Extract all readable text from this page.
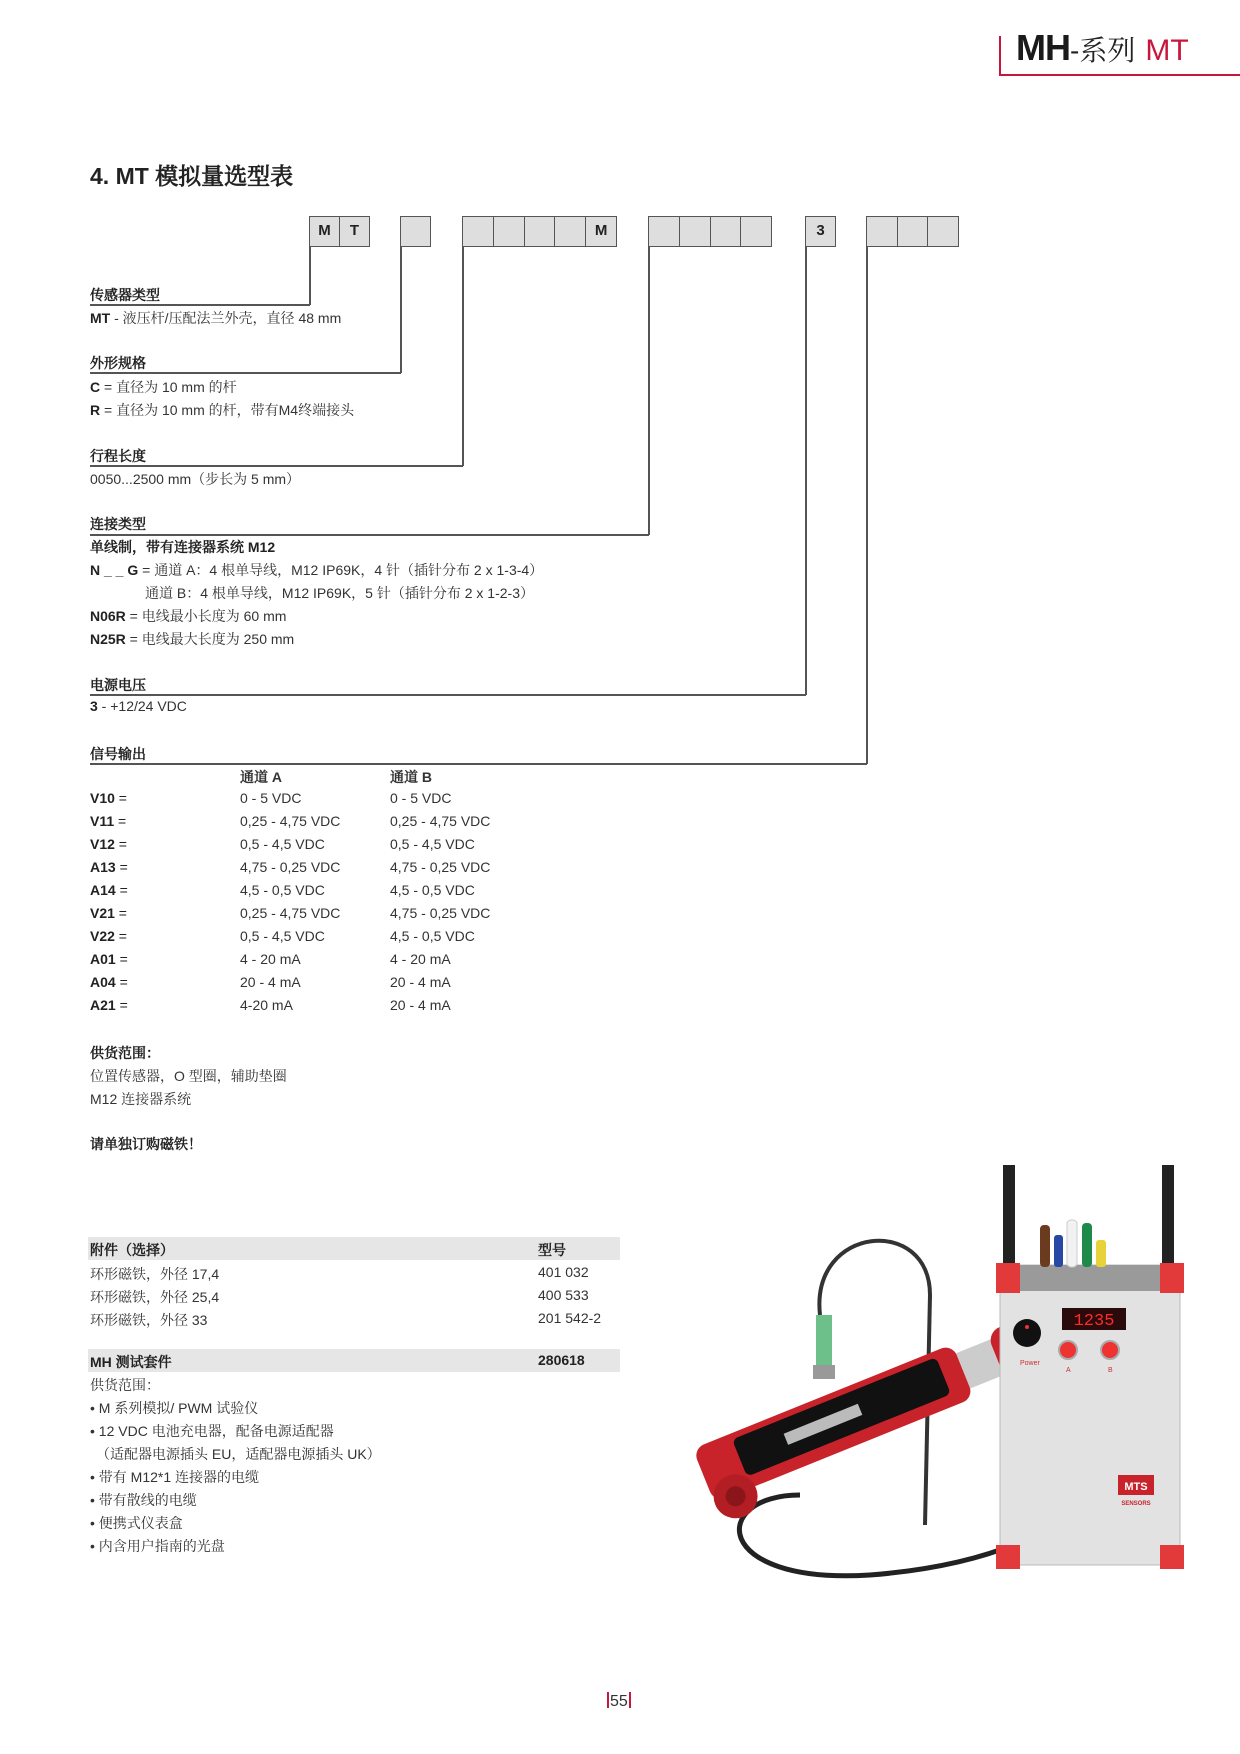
MH-系列 MT
4. MT 模拟量选型表
M	T	M	3
传感器类型
MT - 液压杆/压配法兰外壳，直径 48 mm
外形规格
C = 直径为 10 mm 的杆
R = 直径为 10 mm 的杆，带有M4终端接头
行程长度
0050...2500 mm（步长为 5 mm）
连接类型
单线制，带有连接器系统 M12
N _ _ G = 通道 A：4 根单导线，M12 IP69K，4 针（插针分布 2 x 1-3-4）
通道 B：4 根单导线，M12 IP69K，5 针（插针分布 2 x 1-2-3）
N06R = 电线最小长度为 60 mm
N25R = 电线最大长度为 250 mm
电源电压
3 - +12/24 VDC
信号输出
通道 A	通道 B
V10 =	0 - 5 VDC	0 - 5 VDC
V11 =	0,25 - 4,75 VDC	0,25 - 4,75 VDC
V12 =	0,5 - 4,5 VDC	0,5 - 4,5 VDC
A13 =	4,75 - 0,25 VDC	4,75 - 0,25 VDC
A14 =	4,5 - 0,5 VDC	4,5 - 0,5 VDC
V21 =	0,25 - 4,75 VDC	4,75 - 0,25 VDC
V22 =	0,5 - 4,5 VDC	4,5 - 0,5 VDC
A01 =	4 - 20 mA	4 - 20 mA
A04 =	20 - 4 mA	20 - 4 mA
A21 =	4-20 mA	20 - 4 mA
供货范围：
位置传感器，O 型圈，辅助垫圈
M12 连接器系统
请单独订购磁铁！
附件（选择）	型号
环形磁铁，外径 17,4	401 032
环形磁铁，外径 25,4	400 533
环形磁铁，外径 33	201 542-2
MH 测试套件	280618
供货范围：
• M 系列模拟/ PWM 试验仪
• 12 VDC 电池充电器，配备电源适配器
（适配器电源插头 EU，适配器电源插头 UK）
• 带有 M12*1 连接器的电缆
• 带有散线的电缆
• 便携式仪表盒
• 内含用户指南的光盘
1235
Power
A	B
MTS
SENSORS
55
